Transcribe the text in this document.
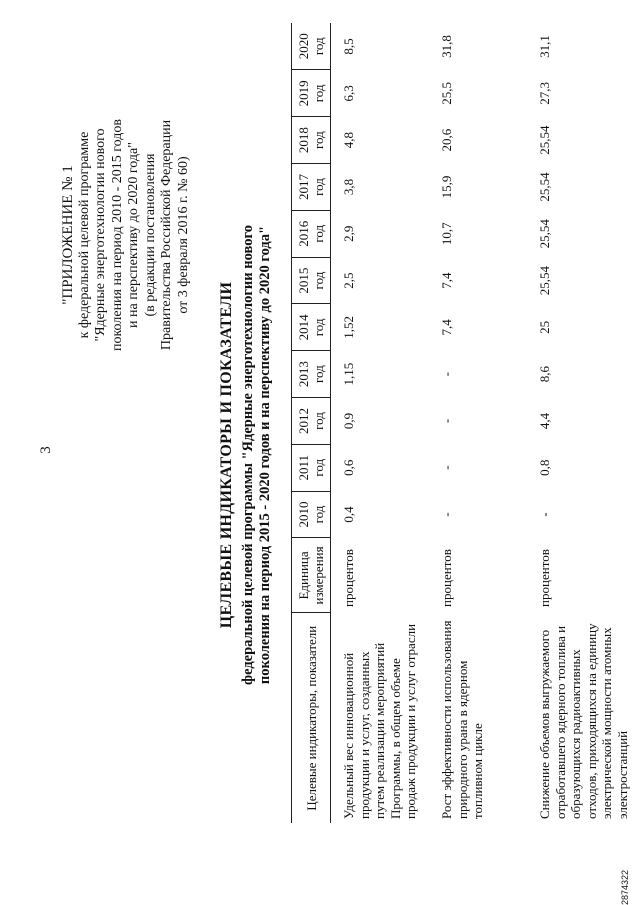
3
"ПРИЛОЖЕНИЕ № 1 к федеральной целевой программе "Ядерные энерготехнологии нового поколения на период 2010 - 2015 годов и на перспективу до 2020 года" (в редакции постановления Правительства Российской Федерации от 3 февраля 2016 г. № 60)
ЦЕЛЕВЫЕ ИНДИКАТОРЫ И ПОКАЗАТЕЛИ федеральной целевой программы "Ядерные энерготехнологии нового поколения на период 2015 - 2020 годов и на перспективу до 2020 года"
Целевые индикаторы, показатели	Единица измерения	2010 год	2011 год	2012 год	2013 год	2014 год	2015 год	2016 год	2017 год	2018 год	2019 год	2020 год
Удельный вес инновационной продукции и услуг, созданных путем реализации мероприятий Программы, в общем объеме продаж продукции и услуг отрасли	процентов	0,4	0,6	0,9	1,15	1,52	2,5	2,9	3,8	4,8	6,3	8,5
Рост эффективности использования природного урана в ядерном топливном цикле	процентов	-	-	-	-	7,4	7,4	10,7	15,9	20,6	25,5	31,8
Снижение объемов выгружаемого отработавшего ядерного топлива и образующихся радиоактивных отходов, приходящихся на единицу электрической мощности атомных электростанций	процентов	-	0,8	4,4	8,6	25	25,54	25,54	25,54	25,54	27,3	31,1
2874322
